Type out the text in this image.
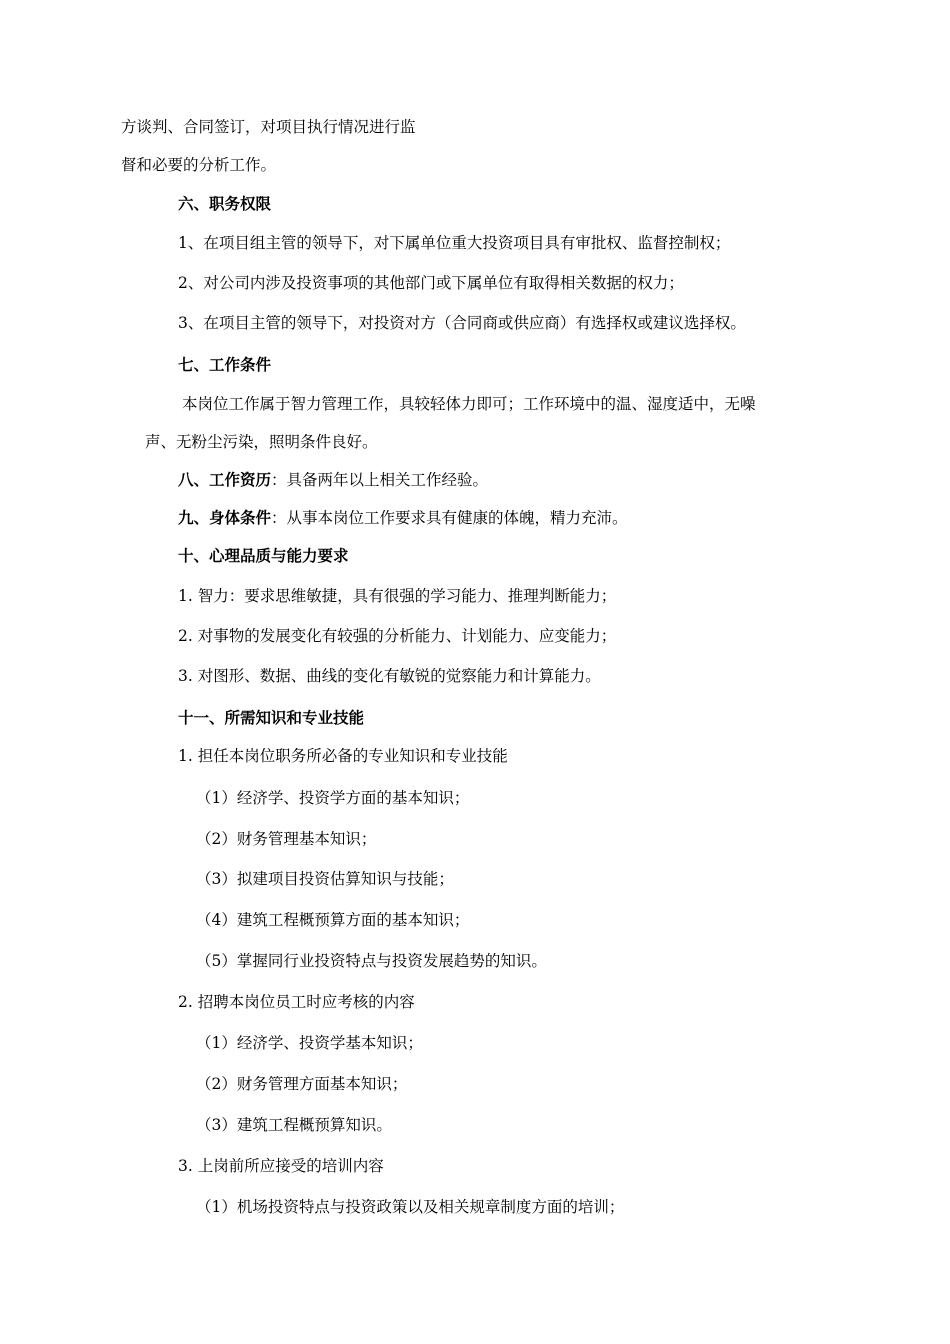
方谈判、合同签订，对项目执行情况进行监

督和必要的分析工作。

六、职务权限

1、在项目组主管的领导下，对下属单位重大投资项目具有审批权、监督控制权；

2、对公司内涉及投资事项的其他部门或下属单位有取得相关数据的权力；

3、在项目主管的领导下，对投资对方（合同商或供应商）有选择权或建议选择权。

七、工作条件

本岗位工作属于智力管理工作，具较轻体力即可；工作环境中的温、湿度适中，无噪

声、无粉尘污染，照明条件良好。

八、工作资历：具备两年以上相关工作经验。

九、身体条件：从事本岗位工作要求具有健康的体魄，精力充沛。

十、心理品质与能力要求

1. 智力：要求思维敏捷，具有很强的学习能力、推理判断能力；

2. 对事物的发展变化有较强的分析能力、计划能力、应变能力；

3. 对图形、数据、曲线的变化有敏锐的觉察能力和计算能力。

十一、所需知识和专业技能

1. 担任本岗位职务所必备的专业知识和专业技能

（1）经济学、投资学方面的基本知识；

（2）财务管理基本知识；

（3）拟建项目投资估算知识与技能；

（4）建筑工程概预算方面的基本知识；

（5）掌握同行业投资特点与投资发展趋势的知识。

2. 招聘本岗位员工时应考核的内容

（1）经济学、投资学基本知识；

（2）财务管理方面基本知识；

（3）建筑工程概预算知识。

3. 上岗前所应接受的培训内容

（1）机场投资特点与投资政策以及相关规章制度方面的培训；
